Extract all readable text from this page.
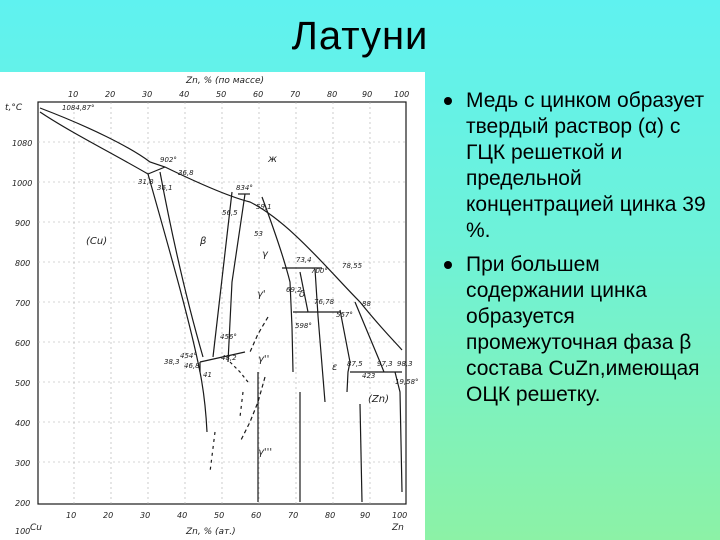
Латуни
Zn, % (по массе)
t,°C
Zn, % (ат.)
Cu	Zn
10	20	30	40	50	60	70	80	90	100
10	20	30	40	50	60	70	80	90	100
1080
1000
900
800
700
600
500
400
300
200
100
1084,87°
902°
31,8
36,8
36,1	834°
56,5
59,1
53
73,4
700°
78,55
69,2
76,78
598°
557°
88
456°
454°
38,3 46,8
48,2
87,5 97,3 98,3
423
19,58°
41
ж
(Cu)	β
γ
γ'
γ''
γ'''
δ
ε
(Zn)
Медь с цинком образует твердый раствор (α) с ГЦК решеткой и предельной концентрацией цинка 39 %.
При большем содержании цинка образуется промежуточная фаза β состава CuZn,имеющая ОЦК решетку.
